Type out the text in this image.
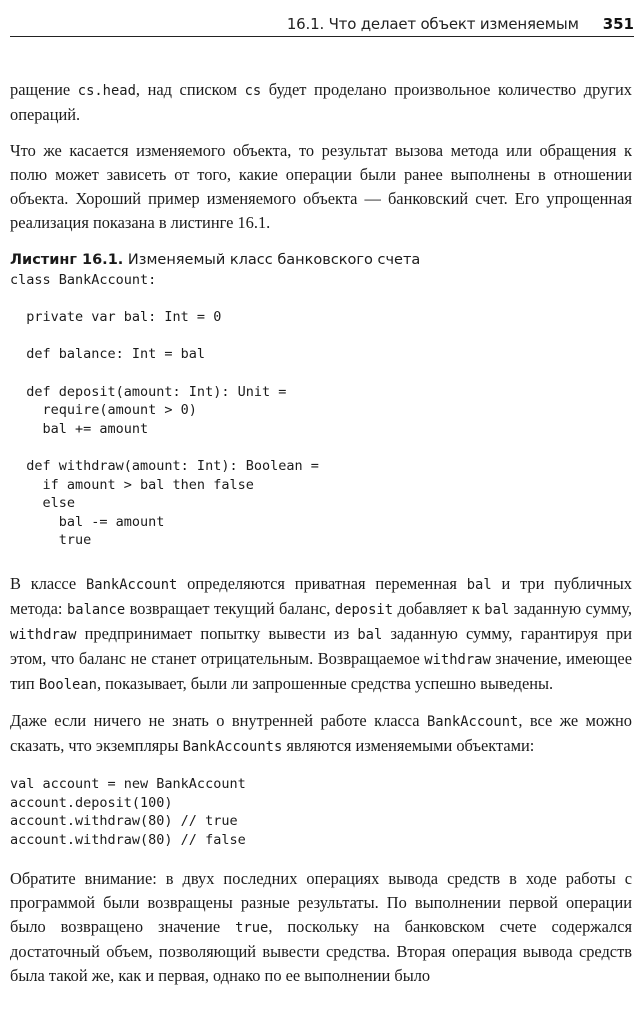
16.1. Что делает объект изменяемым 351

ращение cs.head, над списком cs будет проделано произвольное количество других операций.

Что же касается изменяемого объекта, то результат вызова метода или обращения к полю может зависеть от того, какие операции были ранее выполнены в отношении объекта. Хороший пример изменяемого объекта — банковский счет. Его упрощенная реализация показана в листинге 16.1.

Листинг 16.1. Изменяемый класс банковского счета

class BankAccount:

private var bal: Int = 0

def balance: Int = bal

def deposit(amount: Int): Unit =
require(amount > 0)
bal += amount

def withdraw(amount: Int): Boolean =
if amount > bal then false
else
bal -= amount
true

В классе BankAccount определяются приватная переменная bal и три публичных метода: balance возвращает текущий баланс, deposit добавляет к bal заданную сумму, withdraw предпринимает попытку вывести из bal заданную сумму, гарантируя при этом, что баланс не станет отрицательным. Возвращаемое withdraw значение, имеющее тип Boolean, показывает, были ли запрошенные средства успешно выведены.

Даже если ничего не знать о внутренней работе класса BankAccount, все же можно сказать, что экземпляры BankAccounts являются изменяемыми объектами:

val account = new BankAccount
account.deposit(100)
account.withdraw(80) // true
account.withdraw(80) // false

Обратите внимание: в двух последних операциях вывода средств в ходе работы с программой были возвращены разные результаты. По выполнении первой операции было возвращено значение true, поскольку на банковском счете содержался достаточный объем, позволяющий вывести средства. Вторая операция вывода средств была такой же, как и первая, однако по ее выполнении было
